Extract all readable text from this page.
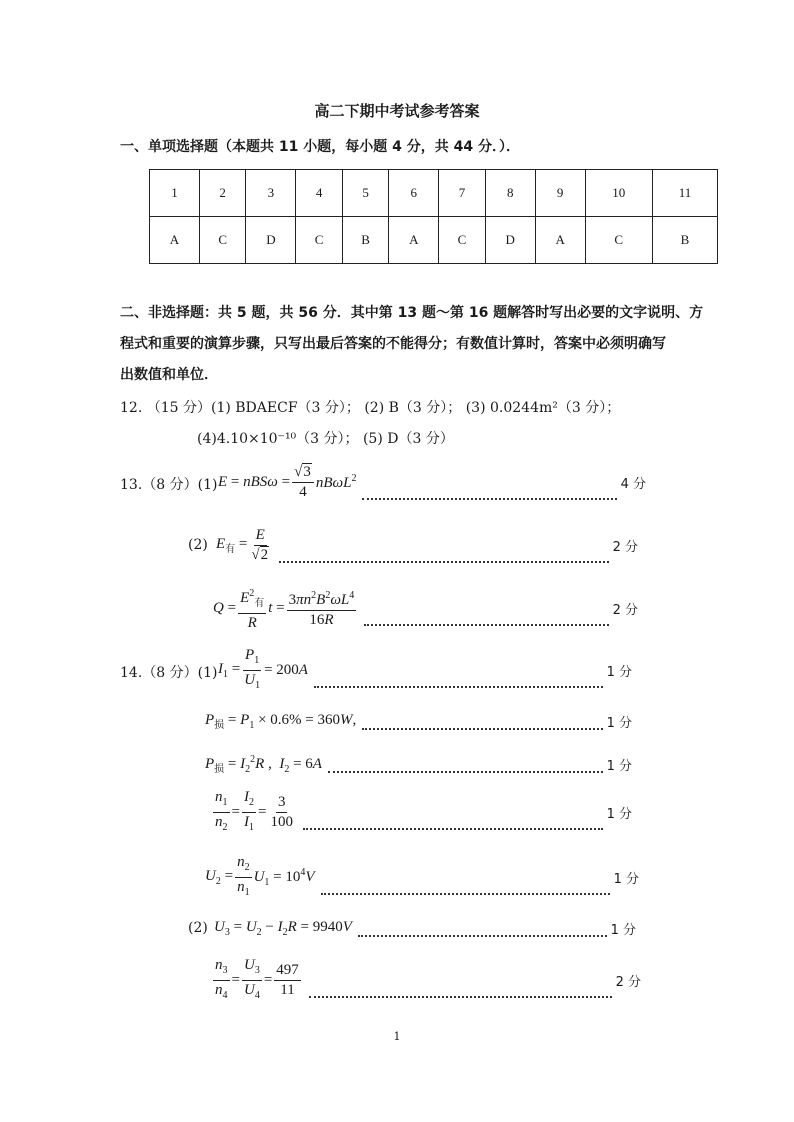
高二下期中考试参考答案
一、单项选择题（本题共 11 小题，每小题 4 分，共 44 分．）．
1	2	3	4	5	6	7	8	9	10	11
A	C	D	C	B	A	C	D	A	C	B
二、非选择题：共 5 题，共 56 分．其中第 13 题～第 16 题解答时写出必要的文字说明、方
程式和重要的演算步骤，只写出最后答案的不能得分；有数值计算时，答案中必须明确写
出数值和单位．
12. （15 分）(1) BDAECF（3 分）； (2) B（3 分）； (3) 0.0244m²（3 分）；
(4)4.10×10⁻¹⁰（3 分）； (5) D（3 分）
13.（8 分）(1) $E = nBS\omega = \frac{√3}{4} nB\omega L^2$	4 分
(2) $E_有 = \frac{E}{√2}$	2 分
$Q = \frac{E^2_有}{R}$ $t = \frac{3\pi n^2B^2\omega L^4}{16R}$	2 分
14.（8 分）(1) $I_1 = \frac{P_1}{U_1} = 200A$	1 分
$P_损 = P_1 \times 0.6\% = 360W$,	1 分
$P_损 = I_2^2R$ ,  $I_2 = 6A$	1 分
$\frac{n_1}{n_2} = \frac{I_2}{I_1} = \frac{3}{100}$	1 分
$U_2 = \frac{n_2}{n_1} U_1 = 10^4V$	1 分
(2) $U_3 = U_2 - I_2R = 9940V$	1 分
$\frac{n_3}{n_4} = \frac{U_3}{U_4} = \frac{497}{11}$	2 分
1
